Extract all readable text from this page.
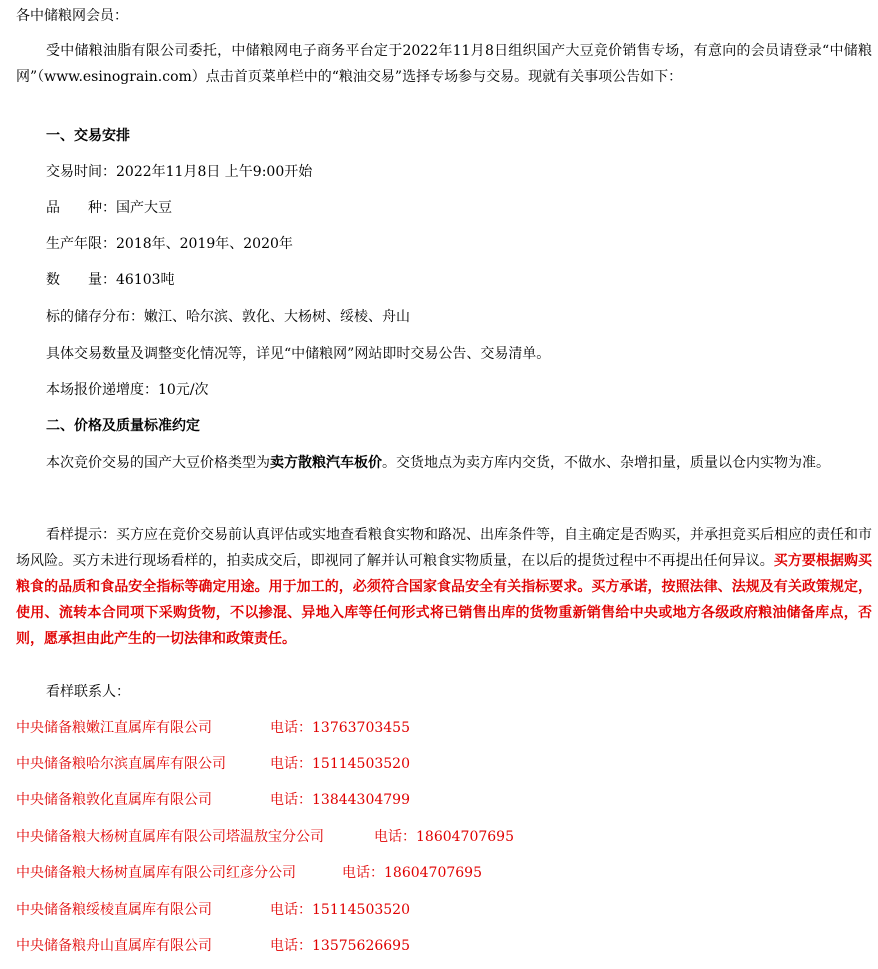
各中储粮网会员：
受中储粮油脂有限公司委托，中储粮网电子商务平台定于2022年11月8日组织国产大豆竞价销售专场，有意向的会员请登录“中储粮网”（www.esinograin.com）点击首页菜单栏中的“粮油交易”选择专场参与交易。现就有关事项公告如下：
一、交易安排
交易时间：2022年11月8日 上午9:00开始
品　　种：国产大豆
生产年限：2018年、2019年、2020年
数　　量：46103吨
标的储存分布：嫩江、哈尔滨、敦化、大杨树、绥棱、舟山
具体交易数量及调整变化情况等，详见“中储粮网”网站即时交易公告、交易清单。
本场报价递增度：10元/次
二、价格及质量标准约定
本次竞价交易的国产大豆价格类型为卖方散粮汽车板价。交货地点为卖方库内交货，不做水、杂增扣量，质量以仓内实物为准。
看样提示：买方应在竞价交易前认真评估或实地查看粮食实物和路况、出库条件等，自主确定是否购买，并承担竞买后相应的责任和市场风险。买方未进行现场看样的，拍卖成交后，即视同了解并认可粮食实物质量，在以后的提货过程中不再提出任何异议。买方要根据购买粮食的品质和食品安全指标等确定用途。用于加工的，必须符合国家食品安全有关指标要求。买方承诺，按照法律、法规及有关政策规定，使用、流转本合同项下采购货物，不以掺混、异地入库等任何形式将已销售出库的货物重新销售给中央或地方各级政府粮油储备库点，否则，愿承担由此产生的一切法律和政策责任。
看样联系人：
中央储备粮嫩江直属库有限公司	电话：13763703455
中央储备粮哈尔滨直属库有限公司	电话：15114503520
中央储备粮敦化直属库有限公司	电话：13844304799
中央储备粮大杨树直属库有限公司塔温敖宝分公司	电话：18604707695
中央储备粮大杨树直属库有限公司红彦分公司	电话：18604707695
中央储备粮绥棱直属库有限公司	电话：15114503520
中央储备粮舟山直属库有限公司	电话：13575626695
